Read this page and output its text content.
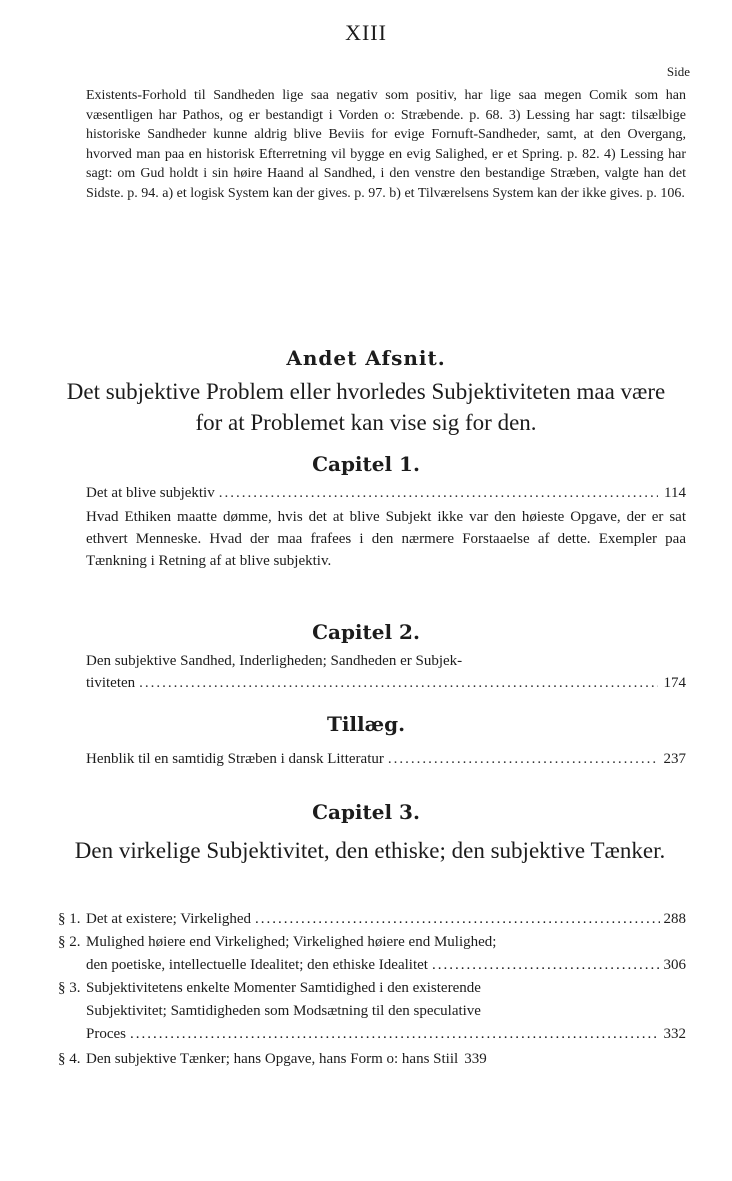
XIII
Side

Existents-Forhold til Sandheden lige saa negativ som positiv, har lige saa megen Comik som han væsentligen har Pathos, og er bestandigt i Vorden o: Stræbende. p. 68. 3) Lessing har sagt: tilsælbige historiske Sandheder kunne aldrig blive Beviis for evige Fornuft-Sandheder, samt, at den Overgang, hvorved man paa en historisk Efterretning vil bygge en evig Salighed, er et Spring. p. 82. 4) Lessing har sagt: om Gud holdt i sin høire Haand al Sandhed, i den venstre den bestandige Stræben, valgte han det Sidste. p. 94. a) et logisk System kan der gives. p. 97. b) et Tilværelsens System kan der ikke gives. p. 106.

Andet Afsnit.
Det subjektive Problem eller hvorledes Subjektiviteten maa være for at Problemet kan vise sig for den.
Capitel 1.
Det at blive subjektiv .....	114
Hvad Ethiken maatte dømme, hvis det at blive Subjekt ikke var den høieste Opgave, der er sat ethvert Menneske. Hvad der maa frafees i den nærmere Forstaaelse af dette. Exempler paa Tænkning i Retning af at blive subjektiv.
Capitel 2.
Den subjektive Sandhed, Inderligheden; Sandheden er Subjek-
tiviteten .....	174
Tillæg.
Henblik til en samtidig Stræben i dansk Litteratur .....	237
Capitel 3.
Den virkelige Subjektivitet, den ethiske; den subjektive Tænker.
§ 1. Det at existere; Virkelighed .....	288
§ 2. Mulighed høiere end Virkelighed; Virkelighed høiere end Mulighed;
den poetiske, intellectuelle Idealitet; den ethiske Idealitet .....	306
§ 3. Subjektivitetens enkelte Momenter Samtidighed i den existerende
Subjektivitet; Samtidigheden som Modsætning til den speculative
Proces .....	332
§ 4. Den subjektive Tænker; hans Opgave, hans Form o: hans Stiil 339
